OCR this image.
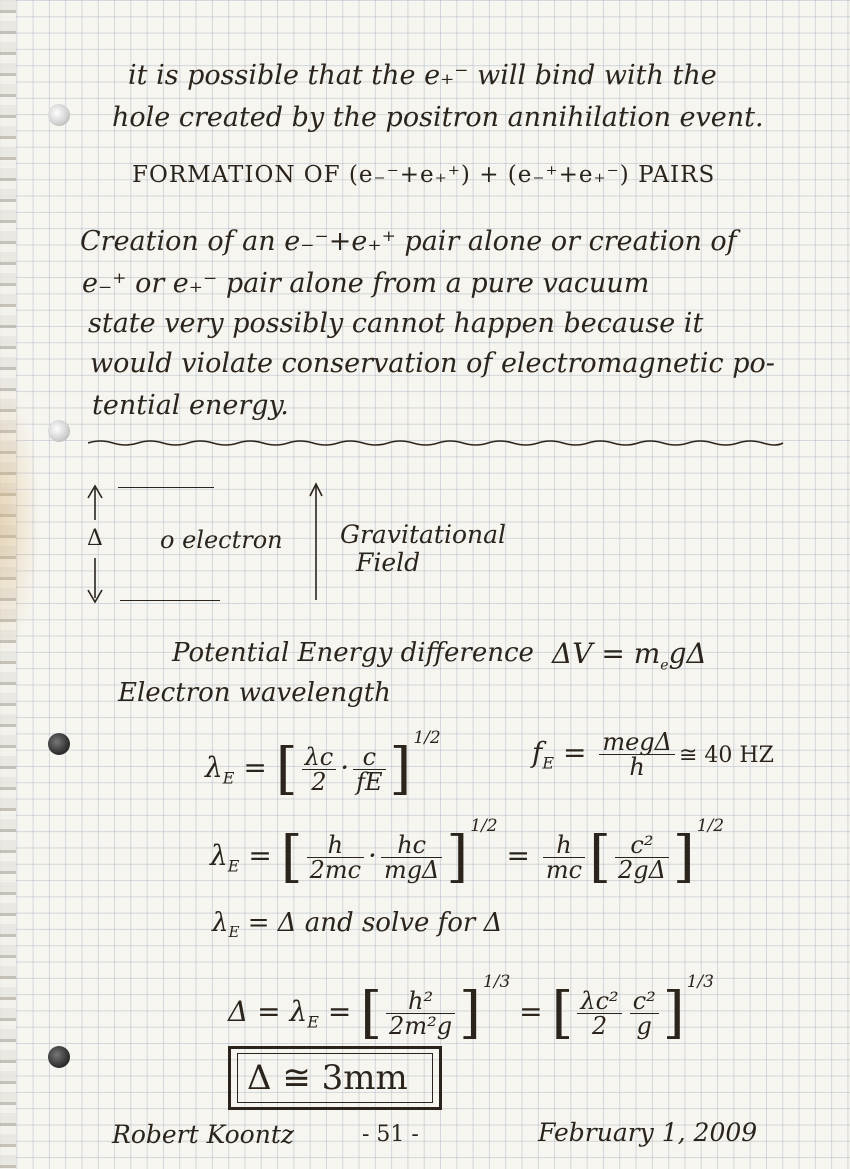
it is possible that the e₊⁻ will bind with the
hole created by the positron annihilation event.
FORMATION OF (e₋⁻+e₊⁺) + (e₋⁺+e₊⁻) PAIRS
Creation of an e₋⁻+e₊⁺ pair alone or creation of
e₋⁺ or e₊⁻ pair alone from a pure vacuum
state very possibly cannot happen because it
would violate conservation of electromagnetic po-
tential energy.
Δ o electron Gravitational
Field
Potential Energy difference $\Delta V = m_eg\Delta$
Electron wavelength
$\lambda_E$ = [ $\frac{\lambda c}{2} \cdot \frac{c}{fE}$ ] $^{1/2}$	$f_E = \frac{\text{megΔ}}{h}$ ≅ 40 HZ
$\lambda_E$ = [ $\frac{h}{2mc} \cdot \frac{hc}{\text{mgΔ}}$ ] $^{1/2} = \frac{h}{mc}$ [ $\frac{\text{c²}}{2g\Delta}$ ] $^{1/2}$
$\lambda_E = \Delta$ and solve for Δ
$\Delta = \lambda_E$ = [ $\frac{\text{h²}}{\text{2m²g}}$ ] $^{1/3}$ = [ $\frac{\text{λc²}}{2} \frac{\text{c²}}{g}$ ] $^{1/3}$
Δ ≅ 3mm
Robert Koontz	- 51 -	February 1, 2009
